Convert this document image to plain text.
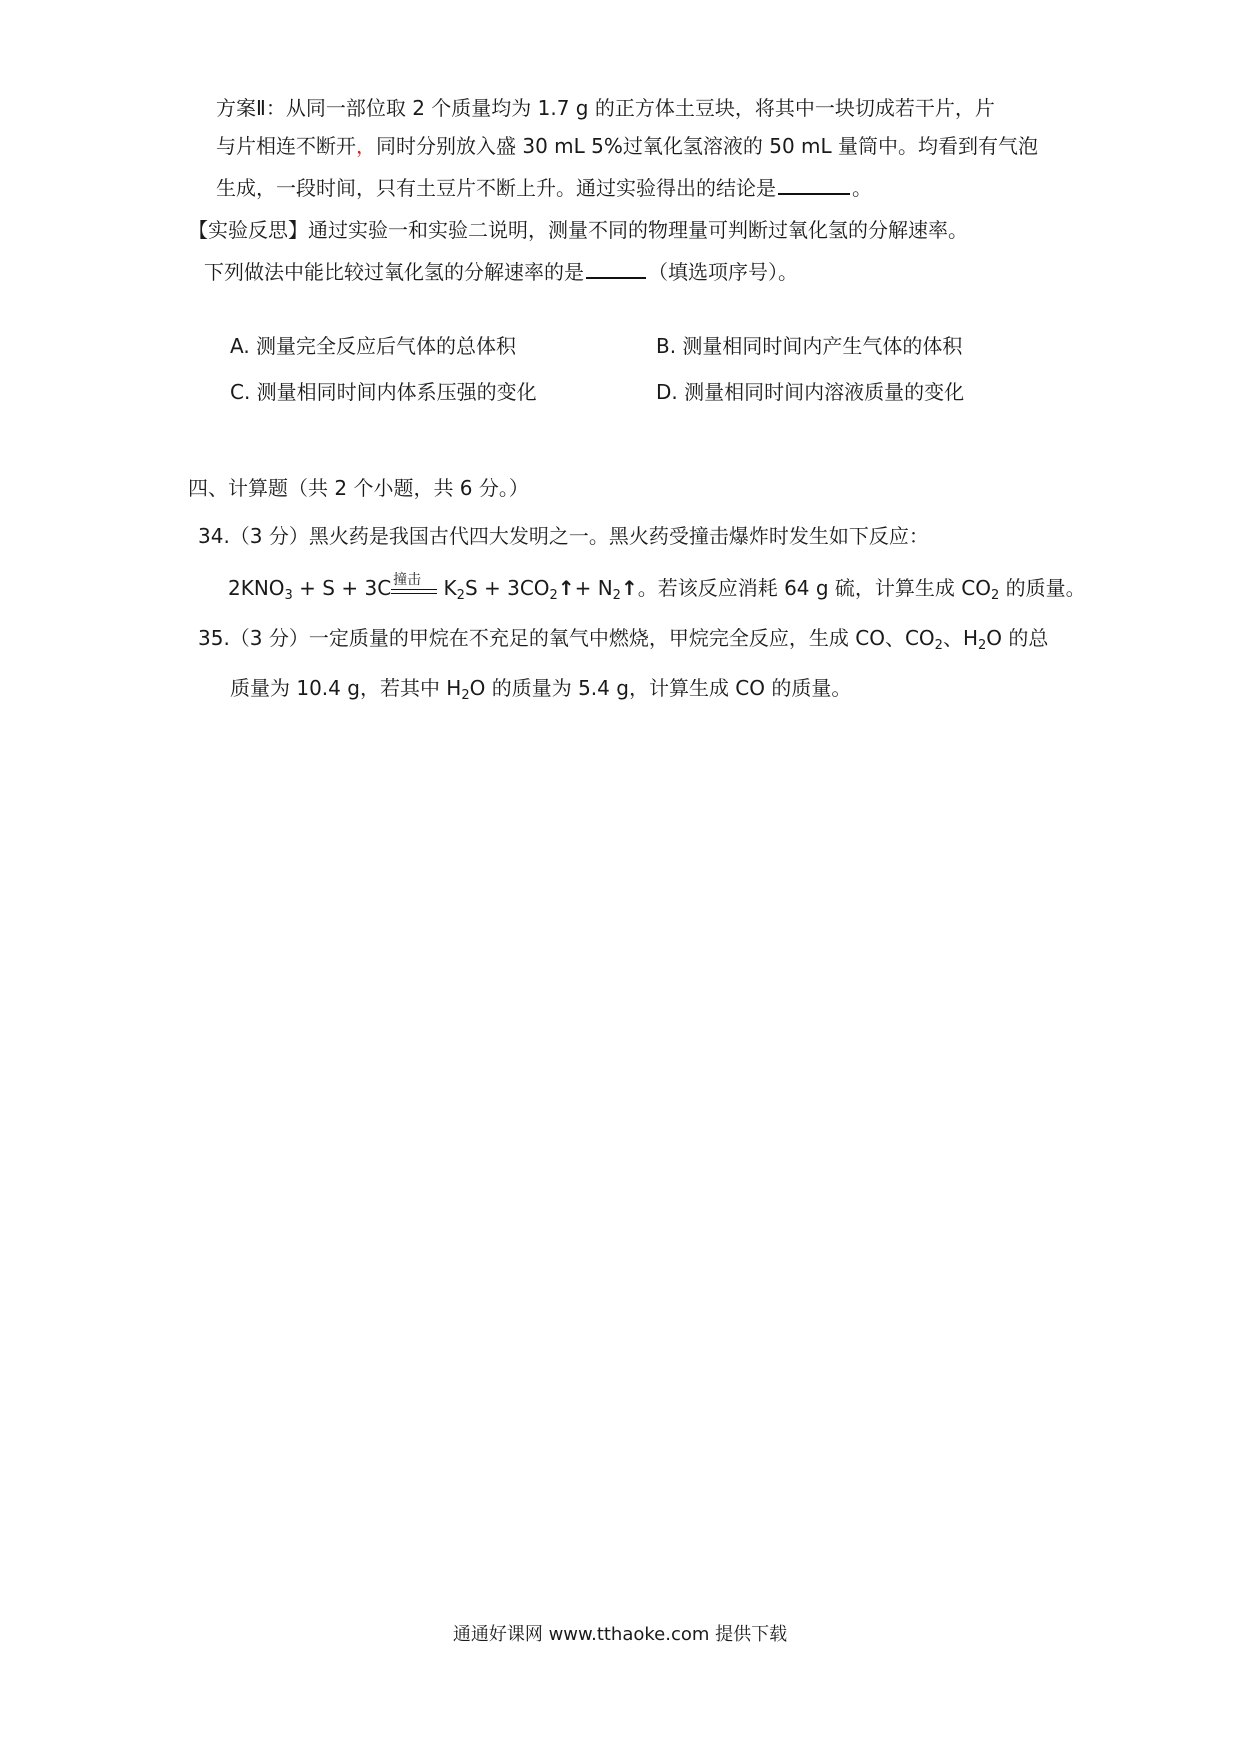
方案Ⅱ：从同一部位取 2 个质量均为 1.7 g 的正方体土豆块，将其中一块切成若干片，片
与片相连不断开，同时分别放入盛 30 mL 5%过氧化氢溶液的 50 mL 量筒中。均看到有气泡
生成，一段时间，只有土豆片不断上升。通过实验得出的结论是	。
【实验反思】通过实验一和实验二说明，测量不同的物理量可判断过氧化氢的分解速率。
下列做法中能比较过氧化氢的分解速率的是	（填选项序号）。
A. 测量完全反应后气体的总体积	B. 测量相同时间内产生气体的体积
C. 测量相同时间内体系压强的变化	D. 测量相同时间内溶液质量的变化
四、计算题（共 2 个小题，共 6 分。）
34.（3 分）黑火药是我国古代四大发明之一。黑火药受撞击爆炸时发生如下反应：
$2KNO_3 + S + 3C$ 撞击 $K_2S$ + $3CO_2↑+$ $N_2↑$。若该反应消耗 64 g 硫，计算生成 $CO_2$ 的质量。
35.（3 分）一定质量的甲烷在不充足的氧气中燃烧，甲烷完全反应，生成 CO、$CO_2$、$H_2O$ 的总
质量为 10.4 g，若其中 $H_2O$ 的质量为 5.4 g，计算生成 CO 的质量。
通通好课网 www.tthaoke.com 提供下载
